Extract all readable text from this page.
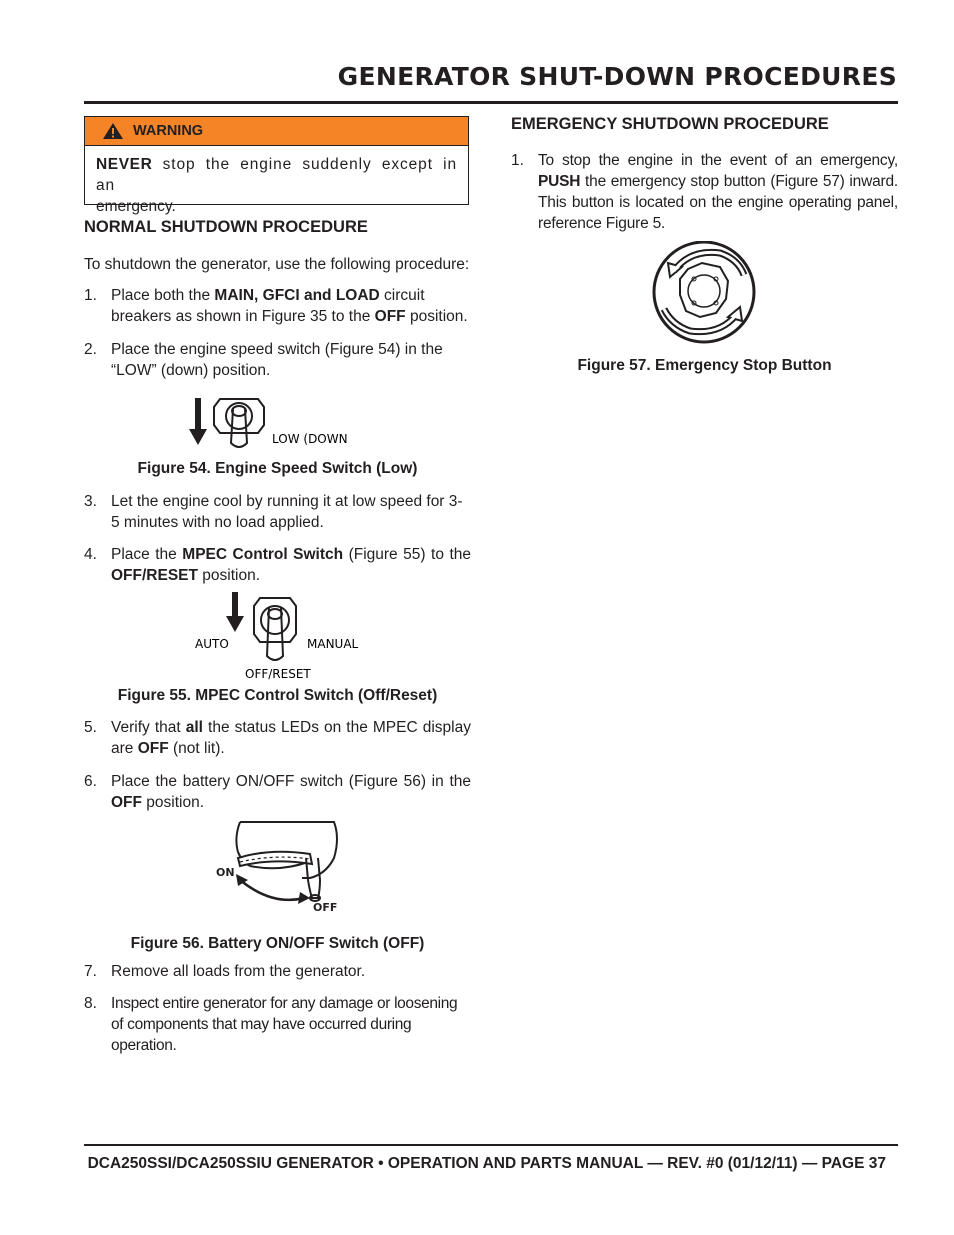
GENERATOR SHUT-DOWN PROCEDURES
WARNING
NEVER stop the engine suddenly except in an
emergency.
NORMAL SHUTDOWN PROCEDURE
To shutdown the generator, use the following procedure:
1. Place both the MAIN, GFCI and LOAD circuit breakers as shown in Figure 35 to the OFF position.
2. Place the engine speed switch (Figure 54) in the “LOW” (down) position.
LOW (DOWN
Figure 54. Engine Speed Switch (Low)
3. Let the engine cool by running it at low speed for 3-5 minutes with no load applied.
4. Place the MPEC Control Switch (Figure 55) to the OFF/RESET position.
AUTO	MANUAL
OFF/RESET
Figure 55. MPEC Control Switch (Off/Reset)
5. Verify that all the status LEDs on the MPEC display are OFF (not lit).
6. Place the battery ON/OFF switch (Figure 56) in the OFF position.
ON
OFF
Figure 56. Battery ON/OFF Switch (OFF)
7. Remove all loads from the generator.
8. Inspect entire generator for any damage or loosening of components that may have occurred during operation.
EMERGENCY SHUTDOWN PROCEDURE
1. To stop the engine in the event of an emergency, PUSH the emergency stop button (Figure 57) inward. This button is located on the engine operating panel, reference Figure 5.
Figure 57. Emergency Stop Button
DCA250SSI/DCA250SSIU GENERATOR • OPERATION AND PARTS MANUAL — REV. #0 (01/12/11) — PAGE 37
